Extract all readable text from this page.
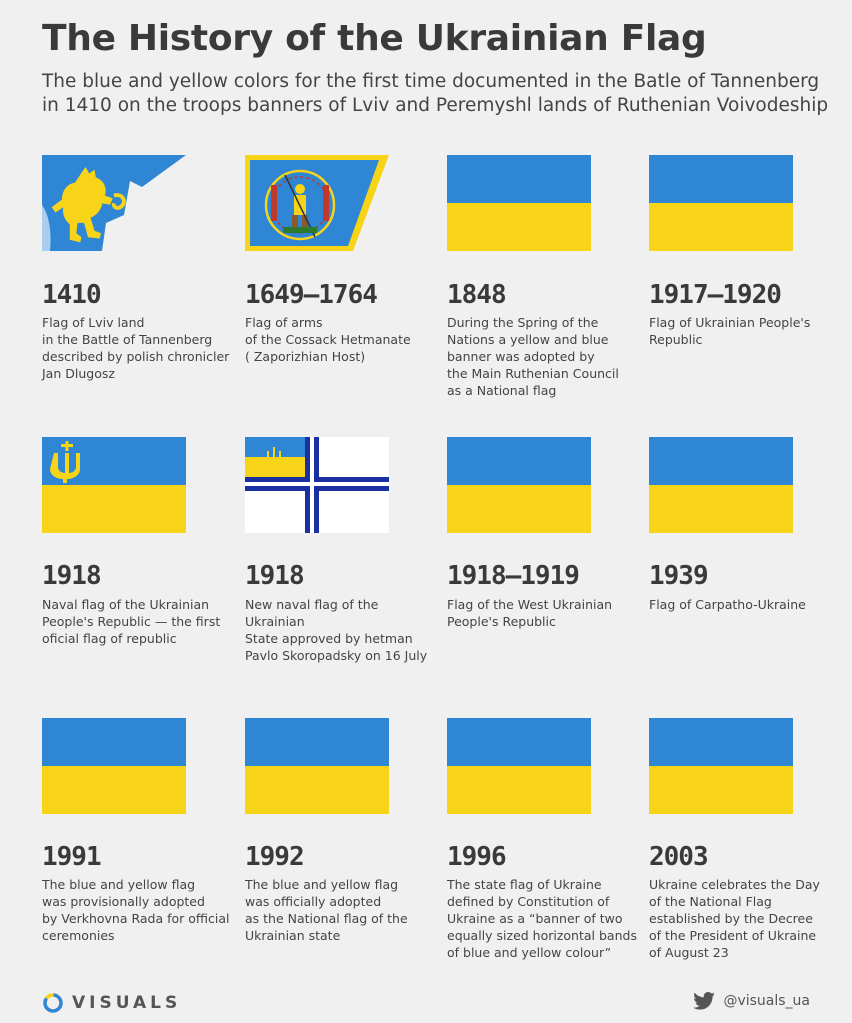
The History of the Ukrainian Flag
The blue and yellow colors for the first time documented in the Batle of Tannenberg in 1410 on the troops banners of Lviv and Peremyshl lands of Ruthenian Voivodeship
1410
Flag of Lviv land
in the Battle of Tannenberg
described by polish chronicler
Jan Dlugosz
1649–1764
Flag of arms
of the Cossack Hetmanate
( Zaporizhian Host)
1848
During the Spring of the
Nations a yellow and blue
banner was adopted by
the Main Ruthenian Council
as a National flag
1917–1920
Flag of Ukrainian People's
Republic
1918
Naval flag of the Ukrainian
People's Republic — the first
oficial flag of republic
1918
New naval flag of the Ukrainian
State approved by hetman
Pavlo Skoropadsky on 16 July
1918–1919
Flag of the West Ukrainian
People's Republic
1939
Flag of Carpatho-Ukraine
1991
The blue and yellow flag
was provisionally adopted
by Verkhovna Rada for official
ceremonies
1992
The blue and yellow flag
was officially adopted
as the National flag of the
Ukrainian state
1996
The state flag of Ukraine
defined by Constitution of
Ukraine as a “banner of two
equally sized horizontal bands
of blue and yellow colour”
2003
Ukraine celebrates the Day
of the National Flag
established by the Decree
of the President of Ukraine
of August 23
VISUALS	@visuals_ua
